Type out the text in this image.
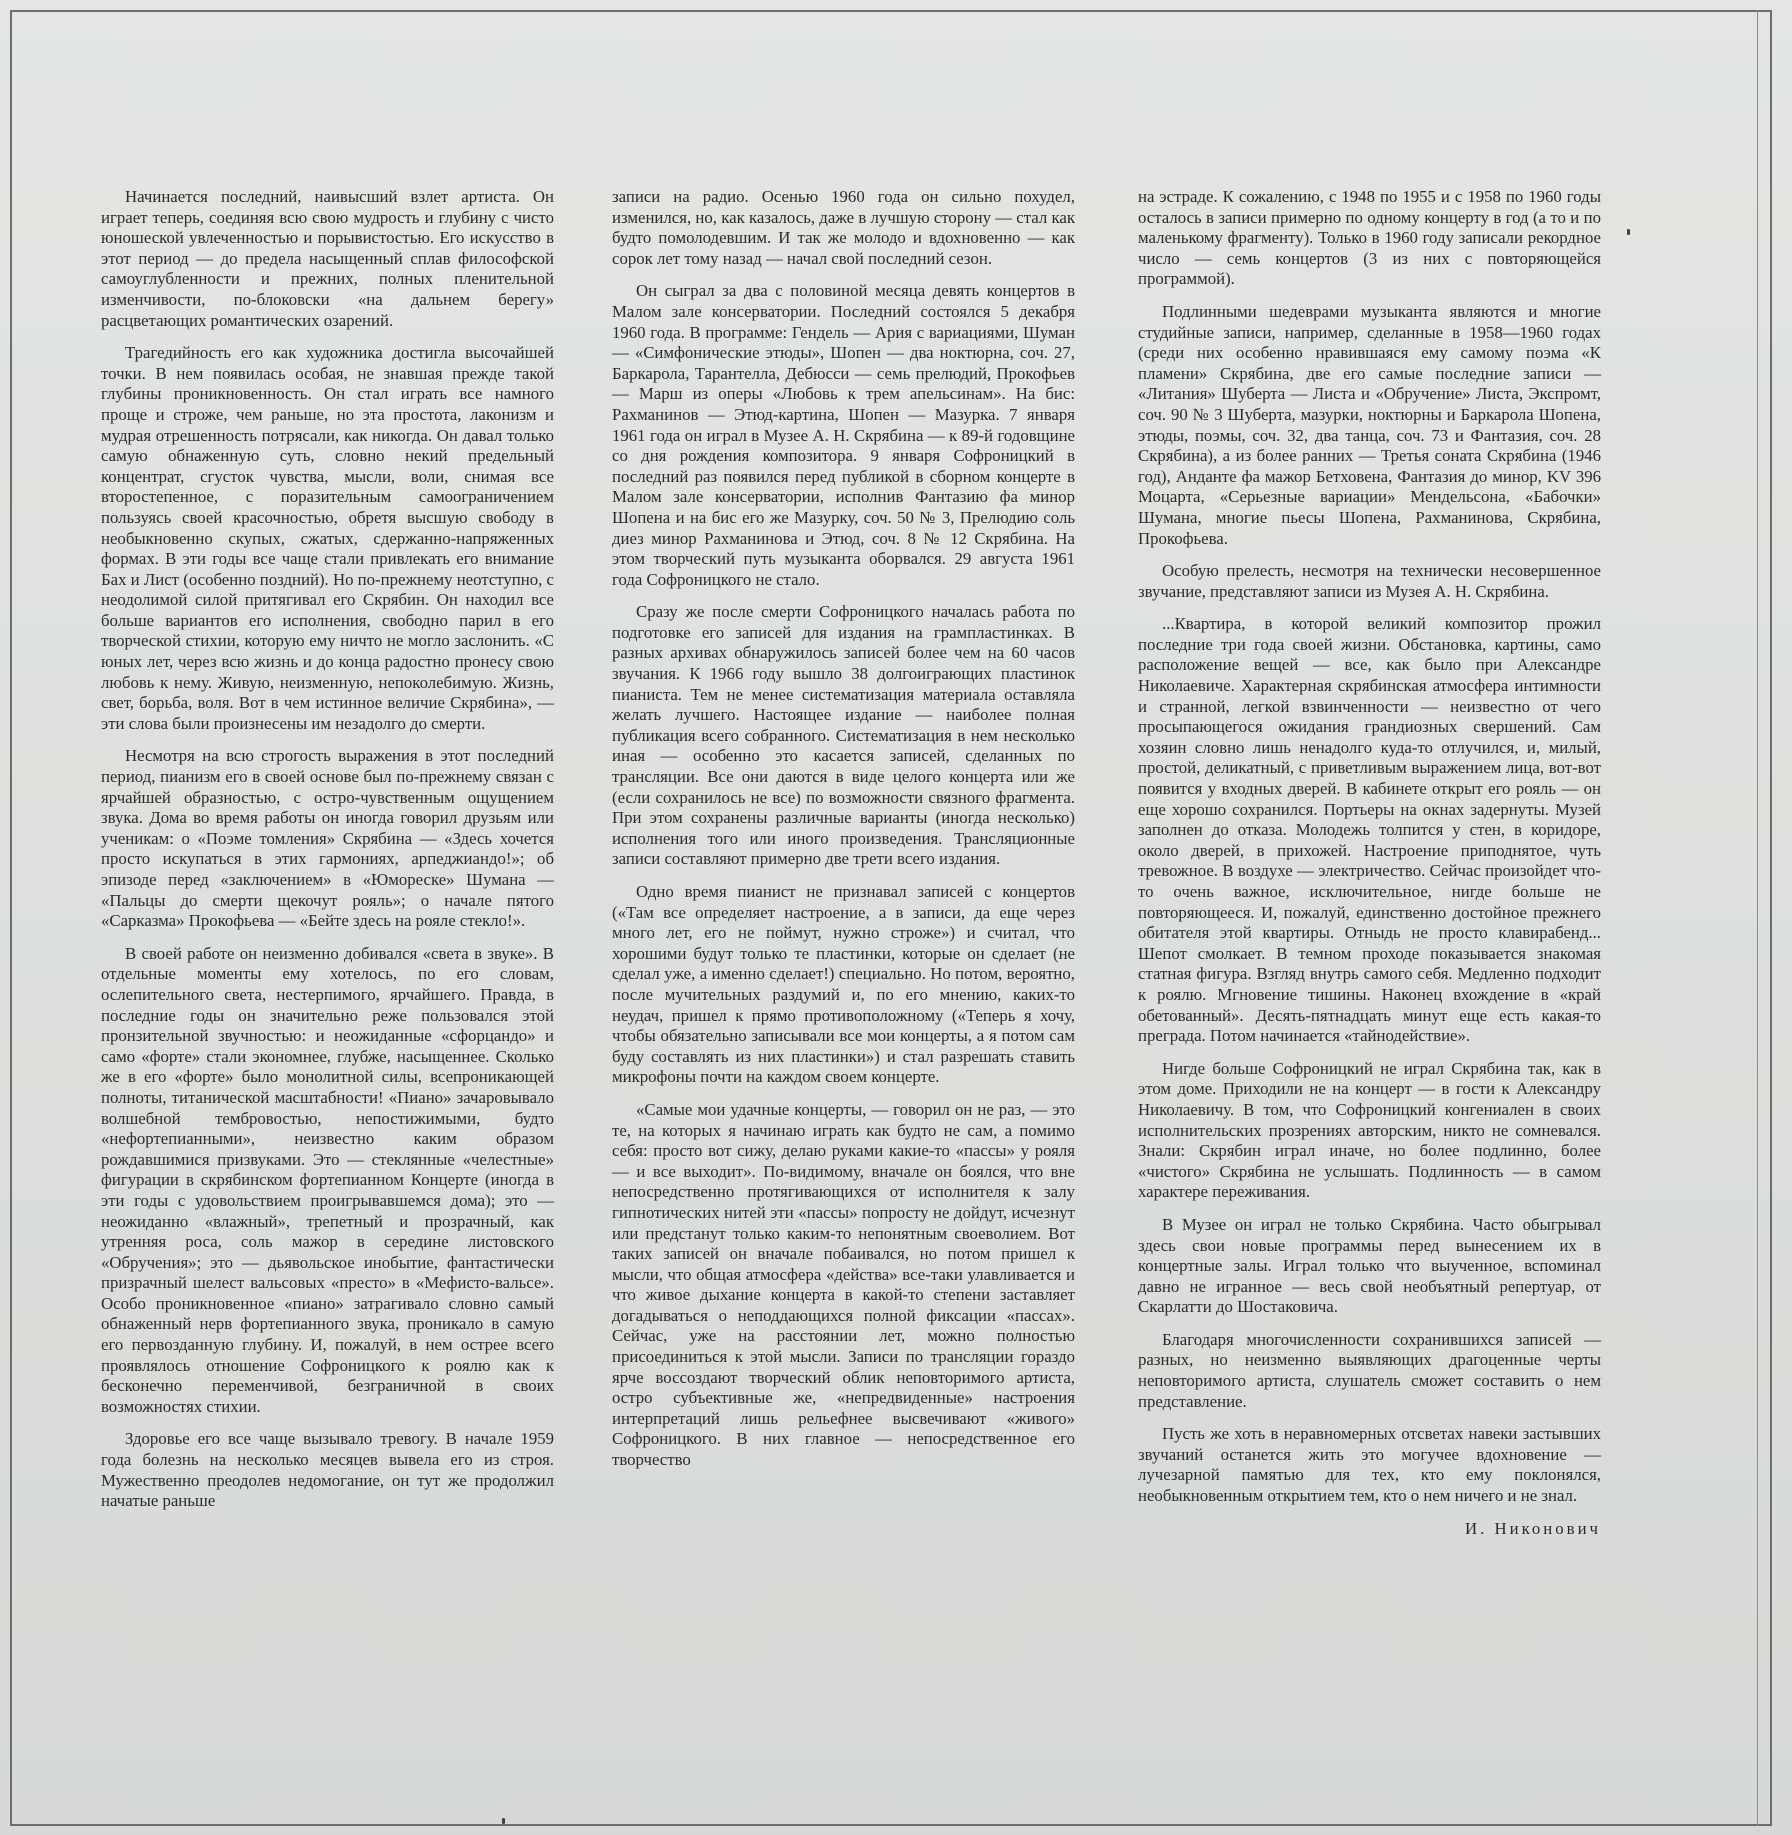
Начинается последний, наивысший взлет артиста. Он играет теперь, соединяя всю свою мудрость и глубину с чисто юношеской увлеченностью и порывистостью. Его искусство в этот период — до предела насыщенный сплав философской самоуглубленности и прежних, полных пленительной изменчивости, по-блоковски «на дальнем берегу» расцветающих романтических озарений.

Трагедийность его как художника достигла высочайшей точки. В нем появилась особая, не знавшая прежде такой глубины проникновенность. Он стал играть все намного проще и строже, чем раньше, но эта простота, лаконизм и мудрая отрешенность потрясали, как никогда. Он давал только самую обнаженную суть, словно некий предельный концентрат, сгусток чувства, мысли, воли, снимая все второстепенное, с поразительным самоограничением пользуясь своей красочностью, обретя высшую свободу в необыкновенно скупых, сжатых, сдержанно-напряженных формах. В эти годы все чаще стали привлекать его внимание Бах и Лист (особенно поздний). Но по-прежнему неотступно, с неодолимой силой притягивал его Скрябин. Он находил все больше вариантов его исполнения, свободно парил в его творческой стихии, которую ему ничто не могло заслонить. «С юных лет, через всю жизнь и до конца радостно пронесу свою любовь к нему. Живую, неизменную, непоколебимую. Жизнь, свет, борьба, воля. Вот в чем истинное величие Скрябина», — эти слова были произнесены им незадолго до смерти.

Несмотря на всю строгость выражения в этот последний период, пианизм его в своей основе был по-прежнему связан с ярчайшей образностью, с остро-чувственным ощущением звука. Дома во время работы он иногда говорил друзьям или ученикам: о «Поэме томления» Скрябина — «Здесь хочется просто искупаться в этих гармониях, арпеджиандо!»; об эпизоде перед «заключением» в «Юмореске» Шумана — «Пальцы до смерти щекочут рояль»; о начале пятого «Сарказма» Прокофьева — «Бейте здесь на рояле стекло!».

В своей работе он неизменно добивался «света в звуке». В отдельные моменты ему хотелось, по его словам, ослепительного света, нестерпимого, ярчайшего. Правда, в последние годы он значительно реже пользовался этой пронзительной звучностью: и неожиданные «сфорцандо» и само «форте» стали экономнее, глубже, насыщеннее. Сколько же в его «форте» было монолитной силы, всепроникающей полноты, титанической масштабности! «Пиано» зачаровывало волшебной тембровостью, непостижимыми, будто «нефортепианными», неизвестно каким образом рождавшимися призвуками. Это — стеклянные «челестные» фигурации в скрябинском фортепианном Концерте (иногда в эти годы с удовольствием проигрывавшемся дома); это — неожиданно «влажный», трепетный и прозрачный, как утренняя роса, соль мажор в середине листовского «Обручения»; это — дьявольское инобытие, фантастически призрачный шелест вальсовых «престо» в «Мефисто-вальсе». Особо проникновенное «пиано» затрагивало словно самый обнаженный нерв фортепианного звука, проникало в самую его первозданную глубину. И, пожалуй, в нем острее всего проявлялось отношение Софроницкого к роялю как к бесконечно переменчивой, безграничной в своих возможностях стихии.

Здоровье его все чаще вызывало тревогу. В начале 1959 года болезнь на несколько месяцев вывела его из строя. Мужественно преодолев недомогание, он тут же продолжил начатые раньше

записи на радио. Осенью 1960 года он сильно похудел, изменился, но, как казалось, даже в лучшую сторону — стал как будто помолодевшим. И так же молодо и вдохновенно — как сорок лет тому назад — начал свой последний сезон.

Он сыграл за два с половиной месяца девять концертов в Малом зале консерватории. Последний состоялся 5 декабря 1960 года. В программе: Гендель — Ария с вариациями, Шуман — «Симфонические этюды», Шопен — два ноктюрна, соч. 27, Баркарола, Тарантелла, Дебюсси — семь прелюдий, Прокофьев — Марш из оперы «Любовь к трем апельсинам». На бис: Рахманинов — Этюд-картина, Шопен — Мазурка. 7 января 1961 года он играл в Музее А. Н. Скрябина — к 89-й годовщине со дня рождения композитора. 9 января Софроницкий в последний раз появился перед публикой в сборном концерте в Малом зале консерватории, исполнив Фантазию фа минор Шопена и на бис его же Мазурку, соч. 50 № 3, Прелюдию соль диез минор Рахманинова и Этюд, соч. 8 № 12 Скрябина. На этом творческий путь музыканта оборвался. 29 августа 1961 года Софроницкого не стало.

Сразу же после смерти Софроницкого началась работа по подготовке его записей для издания на грампластинках. В разных архивах обнаружилось записей более чем на 60 часов звучания. К 1966 году вышло 38 долгоиграющих пластинок пианиста. Тем не менее систематизация материала оставляла желать лучшего. Настоящее издание — наиболее полная публикация всего собранного. Систематизация в нем несколько иная — особенно это касается записей, сделанных по трансляции. Все они даются в виде целого концерта или же (если сохранилось не все) по возможности связного фрагмента. При этом сохранены различные варианты (иногда несколько) исполнения того или иного произведения. Трансляционные записи составляют примерно две трети всего издания.

Одно время пианист не признавал записей с концертов («Там все определяет настроение, а в записи, да еще через много лет, его не поймут, нужно строже») и считал, что хорошими будут только те пластинки, которые он сделает (не сделал уже, а именно сделает!) специально. Но потом, вероятно, после мучительных раздумий и, по его мнению, каких-то неудач, пришел к прямо противоположному («Теперь я хочу, чтобы обязательно записывали все мои концерты, а я потом сам буду составлять из них пластинки») и стал разрешать ставить микрофоны почти на каждом своем концерте.

«Самые мои удачные концерты, — говорил он не раз, — это те, на которых я начинаю играть как будто не сам, а помимо себя: просто вот сижу, делаю руками какие-то «пассы» у рояля — и все выходит». По-видимому, вначале он боялся, что вне непосредственно протягивающихся от исполнителя к залу гипнотических нитей эти «пассы» попросту не дойдут, исчезнут или предстанут только каким-то непонятным своеволием. Вот таких записей он вначале побаивался, но потом пришел к мысли, что общая атмосфера «действа» все-таки улавливается и что живое дыхание концерта в какой-то степени заставляет догадываться о неподдающихся полной фиксации «пассах». Сейчас, уже на расстоянии лет, можно полностью присоединиться к этой мысли. Записи по трансляции гораздо ярче воссоздают творческий облик неповторимого артиста, остро субъективные же, «непредвиденные» настроения интерпретаций лишь рельефнее высвечивают «живого» Софроницкого. В них главное — непосредственное его творчество

на эстраде. К сожалению, с 1948 по 1955 и с 1958 по 1960 годы осталось в записи примерно по одному концерту в год (а то и по маленькому фрагменту). Только в 1960 году записали рекордное число — семь концертов (3 из них с повторяющейся программой).

Подлинными шедеврами музыканта являются и многие студийные записи, например, сделанные в 1958—1960 годах (среди них особенно нравившаяся ему самому поэма «К пламени» Скрябина, две его самые последние записи — «Литания» Шуберта — Листа и «Обручение» Листа, Экспромт, соч. 90 № 3 Шуберта, мазурки, ноктюрны и Баркарола Шопена, этюды, поэмы, соч. 32, два танца, соч. 73 и Фантазия, соч. 28 Скрябина), а из более ранних — Третья соната Скрябина (1946 год), Анданте фа мажор Бетховена, Фантазия до минор, KV 396 Моцарта, «Серьезные вариации» Мендельсона, «Бабочки» Шумана, многие пьесы Шопена, Рахманинова, Скрябина, Прокофьева.

Особую прелесть, несмотря на технически несовершенное звучание, представляют записи из Музея А. Н. Скрябина.

...Квартира, в которой великий композитор прожил последние три года своей жизни. Обстановка, картины, само расположение вещей — все, как было при Александре Николаевиче. Характерная скрябинская атмосфера интимности и странной, легкой взвинченности — неизвестно от чего просыпающегося ожидания грандиозных свершений. Сам хозяин словно лишь ненадолго куда-то отлучился, и, милый, простой, деликатный, с приветливым выражением лица, вот-вот появится у входных дверей. В кабинете открыт его рояль — он еще хорошо сохранился. Портьеры на окнах задернуты. Музей заполнен до отказа. Молодежь толпится у стен, в коридоре, около дверей, в прихожей. Настроение приподнятое, чуть тревожное. В воздухе — электричество. Сейчас произойдет что-то очень важное, исключительное, нигде больше не повторяющееся. И, пожалуй, единственно достойное прежнего обитателя этой квартиры. Отныдь не просто клавирабенд... Шепот смолкает. В темном проходе показывается знакомая статная фигура. Взгляд внутрь самого себя. Медленно подходит к роялю. Мгновение тишины. Наконец вхождение в «край обетованный». Десять-пятнадцать минут еще есть какая-то преграда. Потом начинается «тайнодействие».

Нигде больше Софроницкий не играл Скрябина так, как в этом доме. Приходили не на концерт — в гости к Александру Николаевичу. В том, что Софроницкий конгениален в своих исполнительских прозрениях авторским, никто не сомневался. Знали: Скрябин играл иначе, но более подлинно, более «чистого» Скрябина не услышать. Подлинность — в самом характере переживания.

В Музее он играл не только Скрябина. Часто обыгрывал здесь свои новые программы перед вынесением их в концертные залы. Играл только что выученное, вспоминал давно не игранное — весь свой необъятный репертуар, от Скарлатти до Шостаковича.

Благодаря многочисленности сохранившихся записей — разных, но неизменно выявляющих драгоценные черты неповторимого артиста, слушатель сможет составить о нем представление.

Пусть же хоть в неравномерных отсветах навеки застывших звучаний останется жить это могучее вдохновение — лучезарной памятью для тех, кто ему поклонялся, необыкновенным открытием тем, кто о нем ничего и не знал.

И. Никонович
